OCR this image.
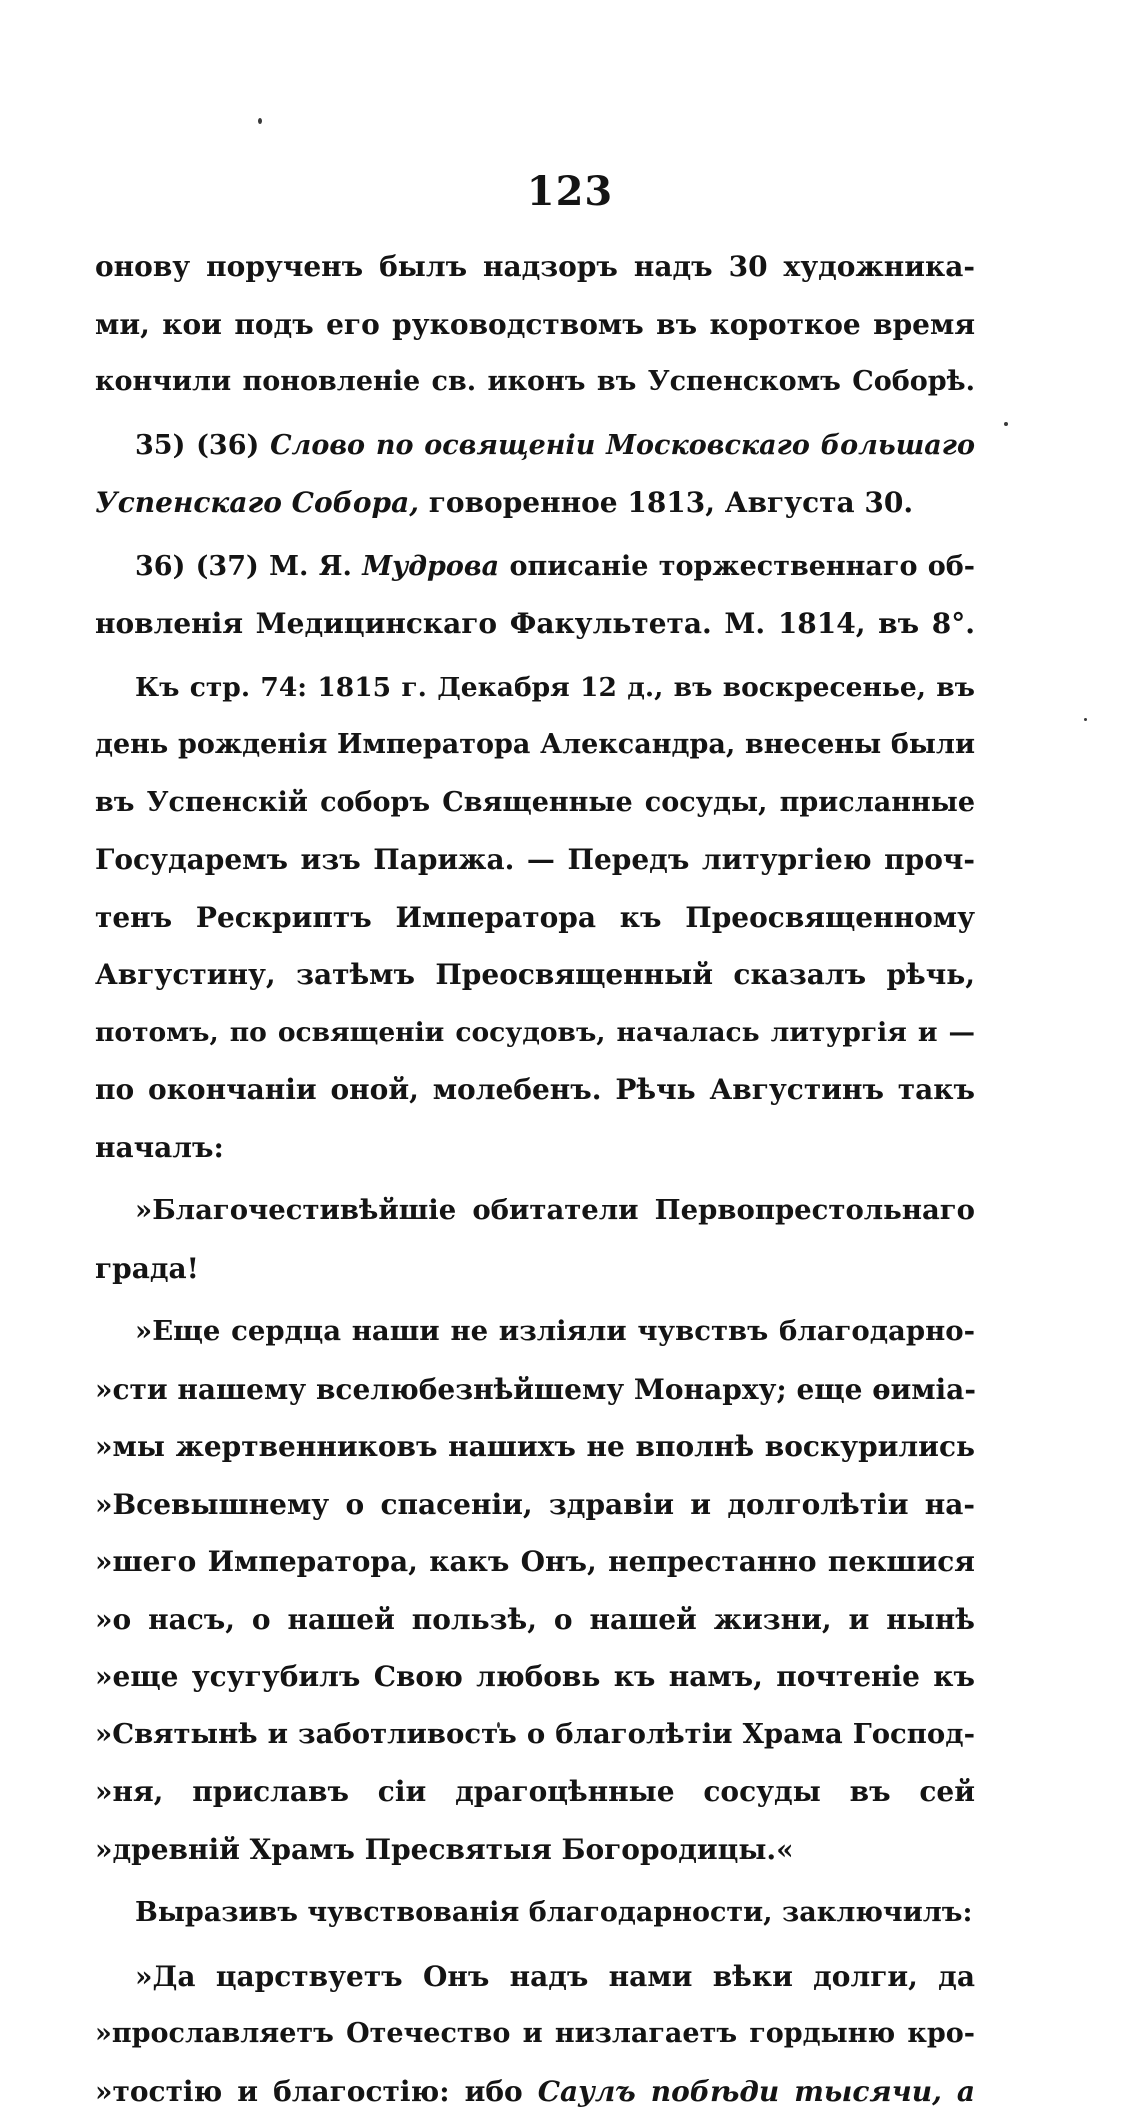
123
онову порученъ былъ надзоръ надъ 30 художника-
ми, кои подъ его руководствомъ въ короткое время
кончили поновленіе св. иконъ въ Успенскомъ Соборѣ.
35) (36) Слово по освященіи Московскаго большаго
Успенскаго Собора, говоренное 1813, Августа 30.
36) (37) М. Я. Мудрова описаніе торжественнаго об-
новленія Медицинскаго Факультета. М. 1814, въ 8°.
Къ стр. 74: 1815 г. Декабря 12 д., въ воскресенье, въ
день рожденія Императора Александра, внесены были
въ Успенскій соборъ Священные сосуды, присланные
Государемъ изъ Парижа. — Передъ литургіею проч-
тенъ Рескриптъ Императора къ Преосвященному
Августину, затѣмъ Преосвященный сказалъ рѣчь,
потомъ, по освященіи сосудовъ, началась литургія и —
по окончаніи оной, молебенъ. Рѣчь Августинъ такъ
началъ:
»Благочестивѣйшіе обитатели Первопрестольнаго
града!
»Еще сердца наши не изліяли чувствъ благодарно-
»сти нашему вселюбезнѣйшему Монарху; еще ѳиміа-
»мы жертвенниковъ нашихъ не вполнѣ воскурились
»Всевышнему о спасеніи, здравіи и долголѣтіи на-
»шего Императора, какъ Онъ, непрестанно пекшися
»о насъ, о нашей пользѣ, о нашей жизни, и нынѣ
»еще усугубилъ Свою любовь къ намъ, почтеніе къ
»Святынѣ и заботливость о благолѣтіи Храма Господ-
»ня, приславъ сіи драгоцѣнные сосуды въ сей
»древній Храмъ Пресвятыя Богородицы.«
Выразивъ чувствованія благодарности, заключилъ:
»Да царствуетъ Онъ надъ нами вѣки долги, да
»прославляетъ Отечество и низлагаетъ гордыню кро-
»тостію и благостію: ибо Саулъ побѣди тысячи, а
